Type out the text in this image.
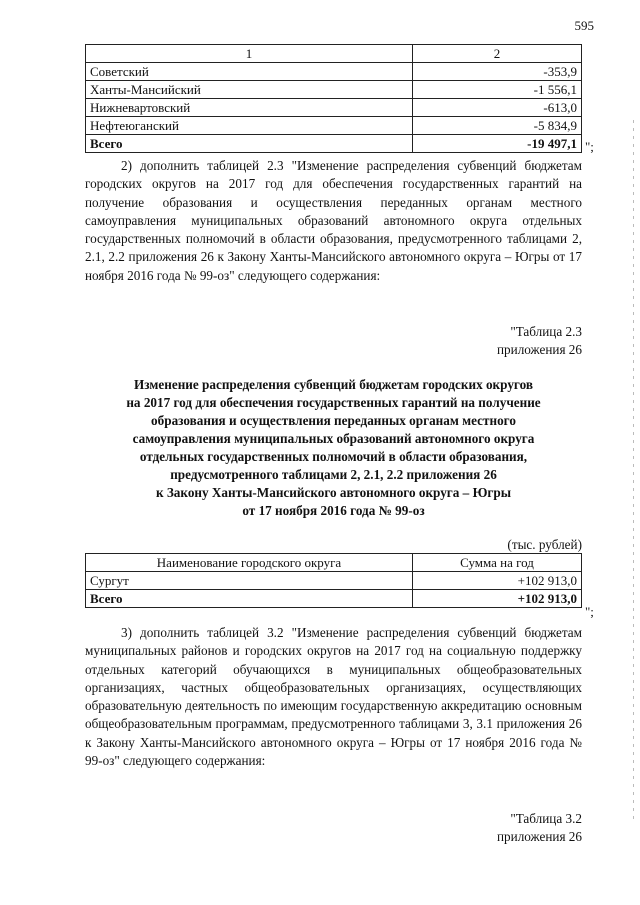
595
1	2
Советский	-353,9
Ханты-Мансийский	-1 556,1
Нижневартовский	-613,0
Нефтеюганский	-5 834,9
Всего	-19 497,1 ";
2) дополнить таблицей 2.3 "Изменение распределения субвенций бюджетам городских округов на 2017 год для обеспечения государственных гарантий на получение образования и осуществления переданных органам местного самоуправления муниципальных образований автономного округа отдельных государственных полномочий в области образования, предусмотренного таблицами 2, 2.1, 2.2 приложения 26 к Закону Ханты-Мансийского автономного округа – Югры от 17 ноября 2016 года № 99-оз" следующего содержания:
"Таблица 2.3
приложения 26
Изменение распределения субвенций бюджетам городских округов
на 2017 год для обеспечения государственных гарантий на получение
образования и осуществления переданных органам местного
самоуправления муниципальных образований автономного округа
отдельных государственных полномочий в области образования,
предусмотренного таблицами 2, 2.1, 2.2 приложения 26
к Закону Ханты-Мансийского автономного округа – Югры
от 17 ноября 2016 года № 99-оз
(тыс. рублей)
Наименование городского округа	Сумма на год
Сургут	+102 913,0
Всего	+102 913,0
";
3) дополнить таблицей 3.2 "Изменение распределения субвенций бюджетам муниципальных районов и городских округов на 2017 год на социальную поддержку отдельных категорий обучающихся в муниципальных общеобразовательных организациях, частных общеобразовательных организациях, осуществляющих образовательную деятельность по имеющим государственную аккредитацию основным общеобразовательным программам, предусмотренного таблицами 3, 3.1 приложения 26 к Закону Ханты-Мансийского автономного округа – Югры от 17 ноября 2016 года № 99-оз" следующего содержания:
"Таблица 3.2
приложения 26
